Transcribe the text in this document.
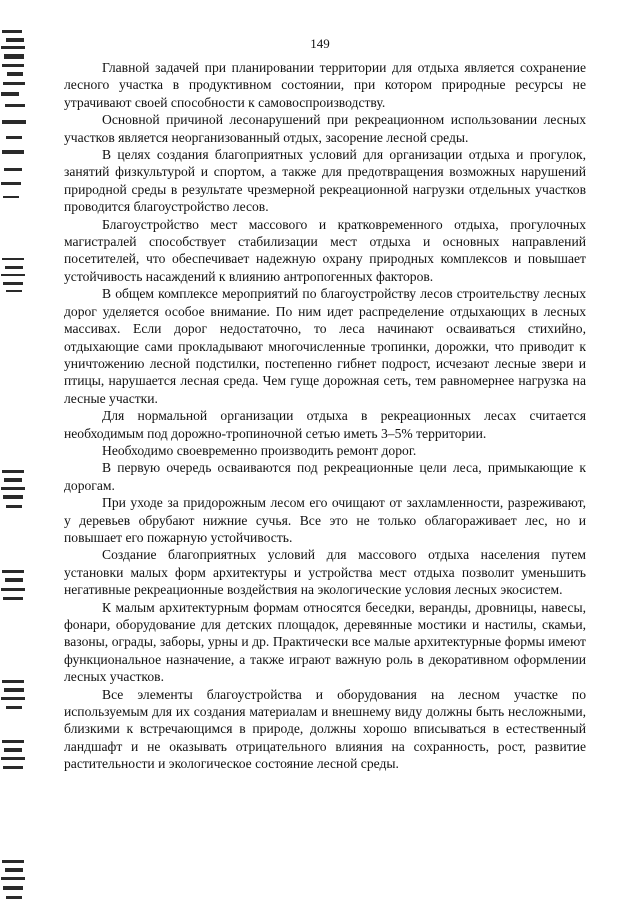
149

Главной задачей при планировании территории для отдыха является сохранение лесного участка в продуктивном состоянии, при котором природные ресурсы не утрачивают своей способности к самовоспроизводству.

Основной причиной лесонарушений при рекреационном использовании лесных участков является неорганизованный отдых, засорение лесной среды.

В целях создания благоприятных условий для организации отдыха и прогулок, занятий физкультурой и спортом, а также для предотвращения возможных нарушений природной среды в результате чрезмерной рекреационной нагрузки отдельных участков проводится благоустройство лесов.

Благоустройство мест массового и кратковременного отдыха, прогулочных магистралей способствует стабилизации мест отдыха и основных направлений посетителей, что обеспечивает надежную охрану природных комплексов и повышает устойчивость насаждений к влиянию антропогенных факторов.

В общем комплексе мероприятий по благоустройству лесов строительству лесных дорог уделяется особое внимание. По ним идет распределение отдыхающих в лесных массивах. Если дорог недостаточно, то леса начинают осваиваться стихийно, отдыхающие сами прокладывают многочисленные тропинки, дорожки, что приводит к уничтожению лесной подстилки, постепенно гибнет подрост, исчезают лесные звери и птицы, нарушается лесная среда. Чем гуще дорожная сеть, тем равномернее нагрузка на лесные участки.

Для нормальной организации отдыха в рекреационных лесах считается необходимым под дорожно-тропиночной сетью иметь 3–5% территории.

Необходимо своевременно производить ремонт дорог.

В первую очередь осваиваются под рекреационные цели леса, примыкающие к дорогам.

При уходе за придорожным лесом его очищают от захламленности, разреживают, у деревьев обрубают нижние сучья. Все это не только облагораживает лес, но и повышает его пожарную устойчивость.

Создание благоприятных условий для массового отдыха населения путем установки малых форм архитектуры и устройства мест отдыха позволит уменьшить негативные рекреационные воздействия на экологические условия лесных экосистем.

К малым архитектурным формам относятся беседки, веранды, дровницы, навесы, фонари, оборудование для детских площадок, деревянные мостики и настилы, скамьи, вазоны, ограды, заборы, урны и др. Практически все малые архитектурные формы имеют функциональное назначение, а также играют важную роль в декоративном оформлении лесных участков.

Все элементы благоустройства и оборудования на лесном участке по используемым для их создания материалам и внешнему виду должны быть несложными, близкими к встречающимся в природе, должны хорошо вписываться в естественный ландшафт и не оказывать отрицательного влияния на сохранность, рост, развитие растительности и экологическое состояние лесной среды.
